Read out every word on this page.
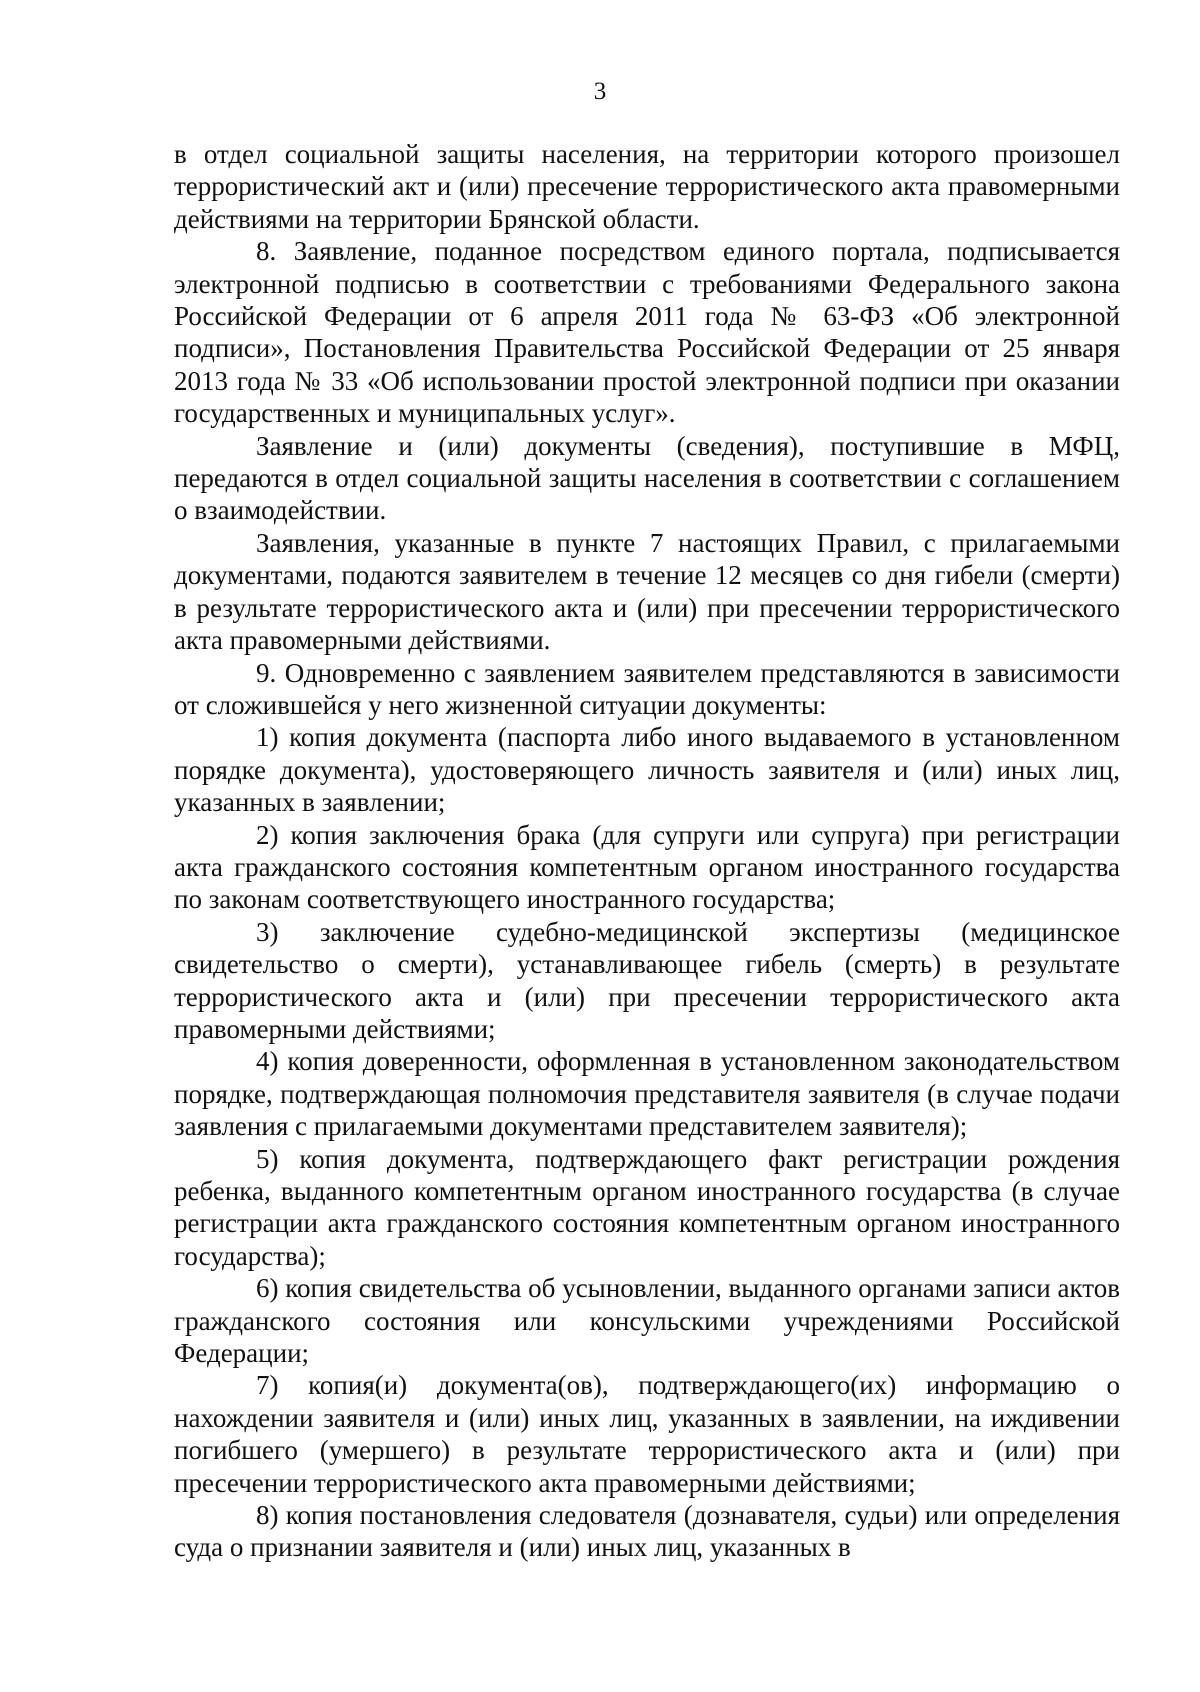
3

в отдел социальной защиты населения, на территории которого произошел террористический акт и (или) пресечение террористического акта правомерными действиями на территории Брянской области.

8. Заявление, поданное посредством единого портала, подписывается электронной подписью в соответствии с требованиями Федерального закона Российской Федерации от 6 апреля 2011 года № 63-ФЗ «Об электронной подписи», Постановления Правительства Российской Федерации от 25 января 2013 года № 33 «Об использовании простой электронной подписи при оказании государственных и муниципальных услуг».

Заявление и (или) документы (сведения), поступившие в МФЦ, передаются в отдел социальной защиты населения в соответствии с соглашением о взаимодействии.

Заявления, указанные в пункте 7 настоящих Правил, с прилагаемыми документами, подаются заявителем в течение 12 месяцев со дня гибели (смерти) в результате террористического акта и (или) при пресечении террористического акта правомерными действиями.

9. Одновременно с заявлением заявителем представляются в зависимости от сложившейся у него жизненной ситуации документы:

1) копия документа (паспорта либо иного выдаваемого в установленном порядке документа), удостоверяющего личность заявителя и (или) иных лиц, указанных в заявлении;

2) копия заключения брака (для супруги или супруга) при регистрации акта гражданского состояния компетентным органом иностранного государства по законам соответствующего иностранного государства;

3) заключение судебно-медицинской экспертизы (медицинское свидетельство о смерти), устанавливающее гибель (смерть) в результате террористического акта и (или) при пресечении террористического акта правомерными действиями;

4) копия доверенности, оформленная в установленном законодательством порядке, подтверждающая полномочия представителя заявителя (в случае подачи заявления с прилагаемыми документами представителем заявителя);

5) копия документа, подтверждающего факт регистрации рождения ребенка, выданного компетентным органом иностранного государства (в случае регистрации акта гражданского состояния компетентным органом иностранного государства);

6) копия свидетельства об усыновлении, выданного органами записи актов гражданского состояния или консульскими учреждениями Российской Федерации;

7) копия(и) документа(ов), подтверждающего(их) информацию о нахождении заявителя и (или) иных лиц, указанных в заявлении, на иждивении погибшего (умершего) в результате террористического акта и (или) при пресечении террористического акта правомерными действиями;

8) копия постановления следователя (дознавателя, судьи) или определения суда о признании заявителя и (или) иных лиц, указанных в
